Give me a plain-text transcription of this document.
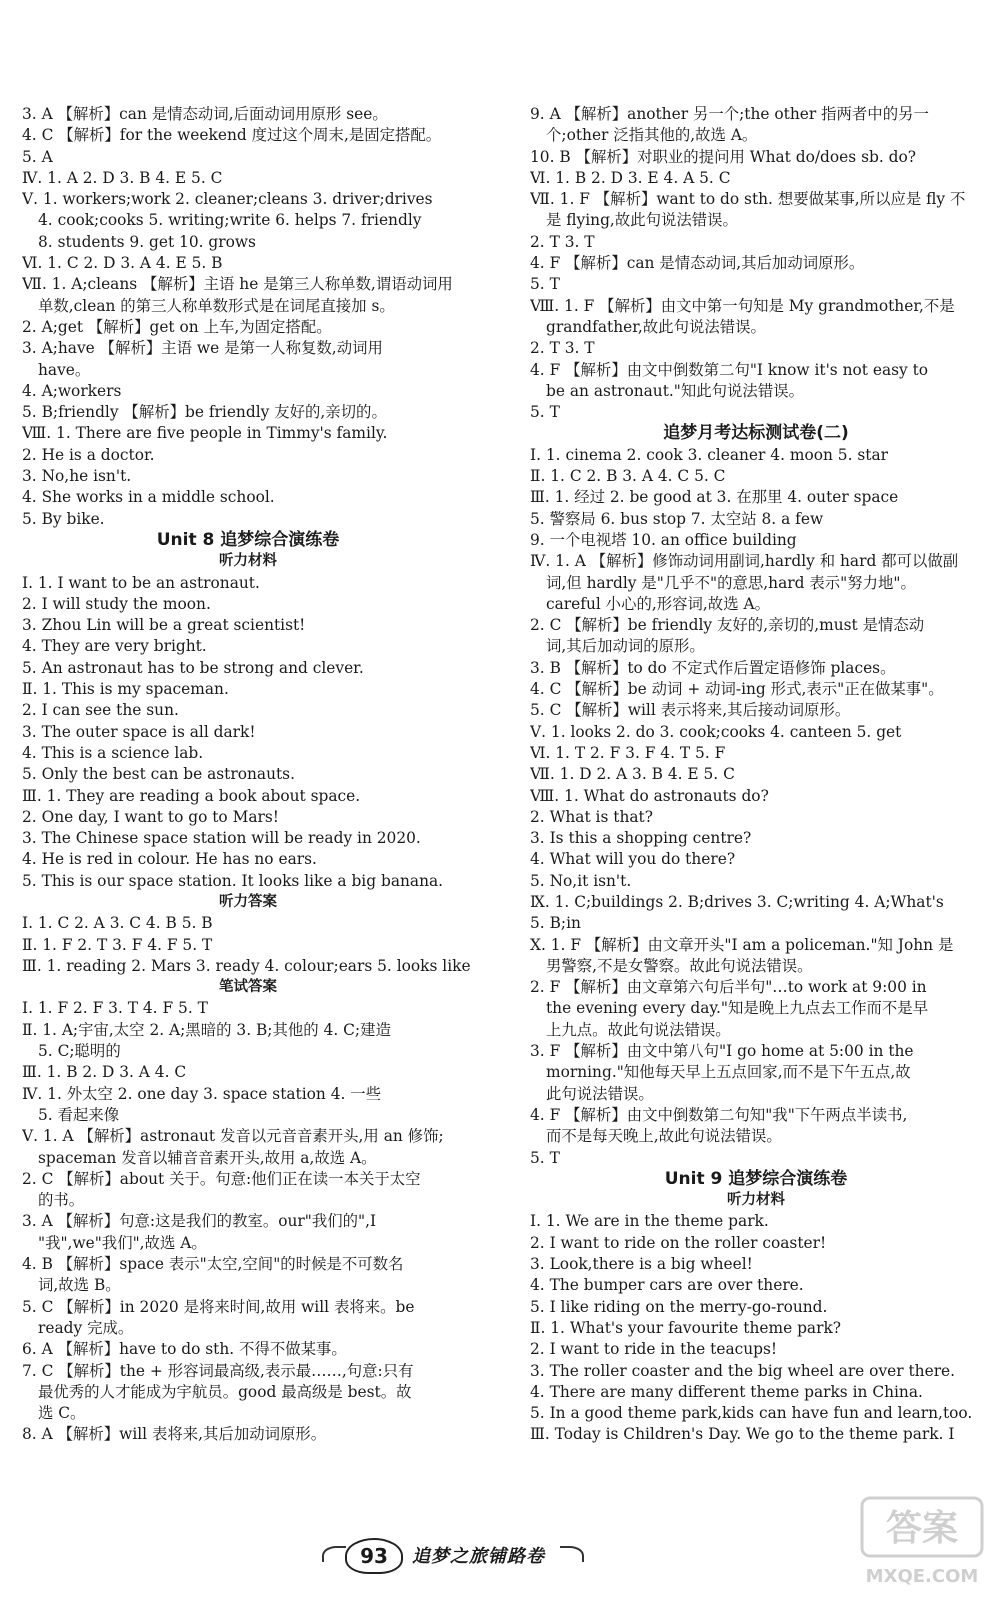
3. A 【解析】can 是情态动词,后面动词用原形 see。
4. C 【解析】for the weekend 度过这个周末,是固定搭配。
5. A
Ⅳ. 1. A 2. D 3. B 4. E 5. C
Ⅴ. 1. workers;work 2. cleaner;cleans 3. driver;drives
4. cook;cooks 5. writing;write 6. helps 7. friendly
8. students 9. get 10. grows
Ⅵ. 1. C 2. D 3. A 4. E 5. B
Ⅶ. 1. A;cleans 【解析】主语 he 是第三人称单数,谓语动词用
单数,clean 的第三人称单数形式是在词尾直接加 s。
2. A;get 【解析】get on 上车,为固定搭配。
3. A;have 【解析】主语 we 是第一人称复数,动词用
have。
4. A;workers
5. B;friendly 【解析】be friendly 友好的,亲切的。
Ⅷ. 1. There are five people in Timmy's family.
2. He is a doctor.
3. No,he isn't.
4. She works in a middle school.
5. By bike.
Unit 8 追梦综合演练卷
听力材料
Ⅰ. 1. I want to be an astronaut.
2. I will study the moon.
3. Zhou Lin will be a great scientist!
4. They are very bright.
5. An astronaut has to be strong and clever.
Ⅱ. 1. This is my spaceman.
2. I can see the sun.
3. The outer space is all dark!
4. This is a science lab.
5. Only the best can be astronauts.
Ⅲ. 1. They are reading a book about space.
2. One day, I want to go to Mars!
3. The Chinese space station will be ready in 2020.
4. He is red in colour. He has no ears.
5. This is our space station. It looks like a big banana.
听力答案
Ⅰ. 1. C 2. A 3. C 4. B 5. B
Ⅱ. 1. F 2. T 3. F 4. F 5. T
Ⅲ. 1. reading 2. Mars 3. ready 4. colour;ears 5. looks like
笔试答案
Ⅰ. 1. F 2. F 3. T 4. F 5. T
Ⅱ. 1. A;宇宙,太空 2. A;黑暗的 3. B;其他的 4. C;建造
5. C;聪明的
Ⅲ. 1. B 2. D 3. A 4. C
Ⅳ. 1. 外太空 2. one day 3. space station 4. 一些
5. 看起来像
Ⅴ. 1. A 【解析】astronaut 发音以元音音素开头,用 an 修饰;
spaceman 发音以辅音音素开头,故用 a,故选 A。
2. C 【解析】about 关于。句意:他们正在读一本关于太空
的书。
3. A 【解析】句意:这是我们的教室。our"我们的",I
"我",we"我们",故选 A。
4. B 【解析】space 表示"太空,空间"的时候是不可数名
词,故选 B。
5. C 【解析】in 2020 是将来时间,故用 will 表将来。be
ready 完成。
6. A 【解析】have to do sth. 不得不做某事。
7. C 【解析】the + 形容词最高级,表示最……,句意:只有
最优秀的人才能成为宇航员。good 最高级是 best。故
选 C。
8. A 【解析】will 表将来,其后加动词原形。
9. A 【解析】another 另一个;the other 指两者中的另一
个;other 泛指其他的,故选 A。
10. B 【解析】对职业的提问用 What do/does sb. do?
Ⅵ. 1. B 2. D 3. E 4. A 5. C
Ⅶ. 1. F 【解析】want to do sth. 想要做某事,所以应是 fly 不
是 flying,故此句说法错误。
2. T 3. T
4. F 【解析】can 是情态动词,其后加动词原形。
5. T
Ⅷ. 1. F 【解析】由文中第一句知是 My grandmother,不是
grandfather,故此句说法错误。
2. T 3. T
4. F 【解析】由文中倒数第二句"I know it's not easy to
be an astronaut."知此句说法错误。
5. T
追梦月考达标测试卷(二)
Ⅰ. 1. cinema 2. cook 3. cleaner 4. moon 5. star
Ⅱ. 1. C 2. B 3. A 4. C 5. C
Ⅲ. 1. 经过 2. be good at 3. 在那里 4. outer space
5. 警察局 6. bus stop 7. 太空站 8. a few
9. 一个电视塔 10. an office building
Ⅳ. 1. A 【解析】修饰动词用副词,hardly 和 hard 都可以做副
词,但 hardly 是"几乎不"的意思,hard 表示"努力地"。
careful 小心的,形容词,故选 A。
2. C 【解析】be friendly 友好的,亲切的,must 是情态动
词,其后加动词的原形。
3. B 【解析】to do 不定式作后置定语修饰 places。
4. C 【解析】be 动词 + 动词-ing 形式,表示"正在做某事"。
5. C 【解析】will 表示将来,其后接动词原形。
Ⅴ. 1. looks 2. do 3. cook;cooks 4. canteen 5. get
Ⅵ. 1. T 2. F 3. F 4. T 5. F
Ⅶ. 1. D 2. A 3. B 4. E 5. C
Ⅷ. 1. What do astronauts do?
2. What is that?
3. Is this a shopping centre?
4. What will you do there?
5. No,it isn't.
Ⅸ. 1. C;buildings 2. B;drives 3. C;writing 4. A;What's
5. B;in
Ⅹ. 1. F 【解析】由文章开头"I am a policeman."知 John 是
男警察,不是女警察。故此句说法错误。
2. F 【解析】由文章第六句后半句"…to work at 9:00 in
the evening every day."知是晚上九点去工作而不是早
上九点。故此句说法错误。
3. F 【解析】由文中第八句"I go home at 5:00 in the
morning."知他每天早上五点回家,而不是下午五点,故
此句说法错误。
4. F 【解析】由文中倒数第二句知"我"下午两点半读书,
而不是每天晚上,故此句说法错误。
5. T
Unit 9 追梦综合演练卷
听力材料
Ⅰ. 1. We are in the theme park.
2. I want to ride on the roller coaster!
3. Look,there is a big wheel!
4. The bumper cars are over there.
5. I like riding on the merry-go-round.
Ⅱ. 1. What's your favourite theme park?
2. I want to ride in the teacups!
3. The roller coaster and the big wheel are over there.
4. There are many different theme parks in China.
5. In a good theme park,kids can have fun and learn,too.
Ⅲ. Today is Children's Day. We go to the theme park. I
93	追梦之旅铺路卷
答案
MXQE.COM
